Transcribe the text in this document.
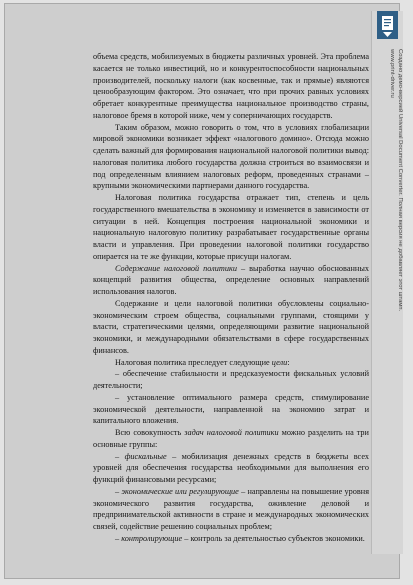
объема средств, мобилизуемых в бюджеты различных уровней. Эта проблема касается не только инвестиций, но и конкурентоспособности национальных производителей, поскольку налоги (как косвенные, так и прямые) являются ценообразующим фактором. Это означает, что при прочих равных условиях обретает конкурентные преимущества национальное производство страны, налоговое бремя в которой ниже, чем у соперничающих государств.

Таким образом, можно говорить о том, что в условиях глобализации мировой экономики возникает эффект «налогового домино». Отсюда можно сделать важный для формирования национальной налоговой политики вывод: налоговая политика любого государства должна строиться во взаимосвязи и под определенным влиянием налоговых реформ, проведенных странами – крупными экономическими партнерами данного государства.

Налоговая политика государства отражает тип, степень и цель государственного вмешательства в экономику и изменяется в зависимости от ситуации в ней. Концепция построения национальной экономики и национальную налоговую политику разрабатывает государственные органы власти и управления. При проведении налоговой политики государство опирается на те же функции, которые присущи налогам.

Содержание налоговой политики – выработка научно обоснованных концепций развития общества, определение основных направлений использования налогов.

Содержание и цели налоговой политики обусловлены социально-экономическим строем общества, социальными группами, стоящими у власти, стратегическими целями, определяющими развитие национальной экономики, и международными обязательствами в сфере государственных финансов.

Налоговая политика преследует следующие цели:

– обеспечение стабильности и предсказуемости фискальных условий деятельности;

– установление оптимального размера средств, стимулирование экономической деятельности, направленной на экономию затрат и капитального вложения.

Всю совокупность задач налоговой политики можно разделить на три основные группы:

– фискальные – мобилизация денежных средств в бюджеты всех уровней для обеспечения государства необходимыми для выполнения его функций финансовыми ресурсами;

– экономические или регулирующие – направлены на повышение уровня экономического развития государства, оживление деловой и предпринимательской активности в стране и международных экономических связей, содействие решению социальных проблем;

– контролирующие – контроль за деятельностью субъектов экономики.

Создано демо-версией Universal Document Converter. Полная версия не добавляет этот штамп.
www.print-driver.ru
